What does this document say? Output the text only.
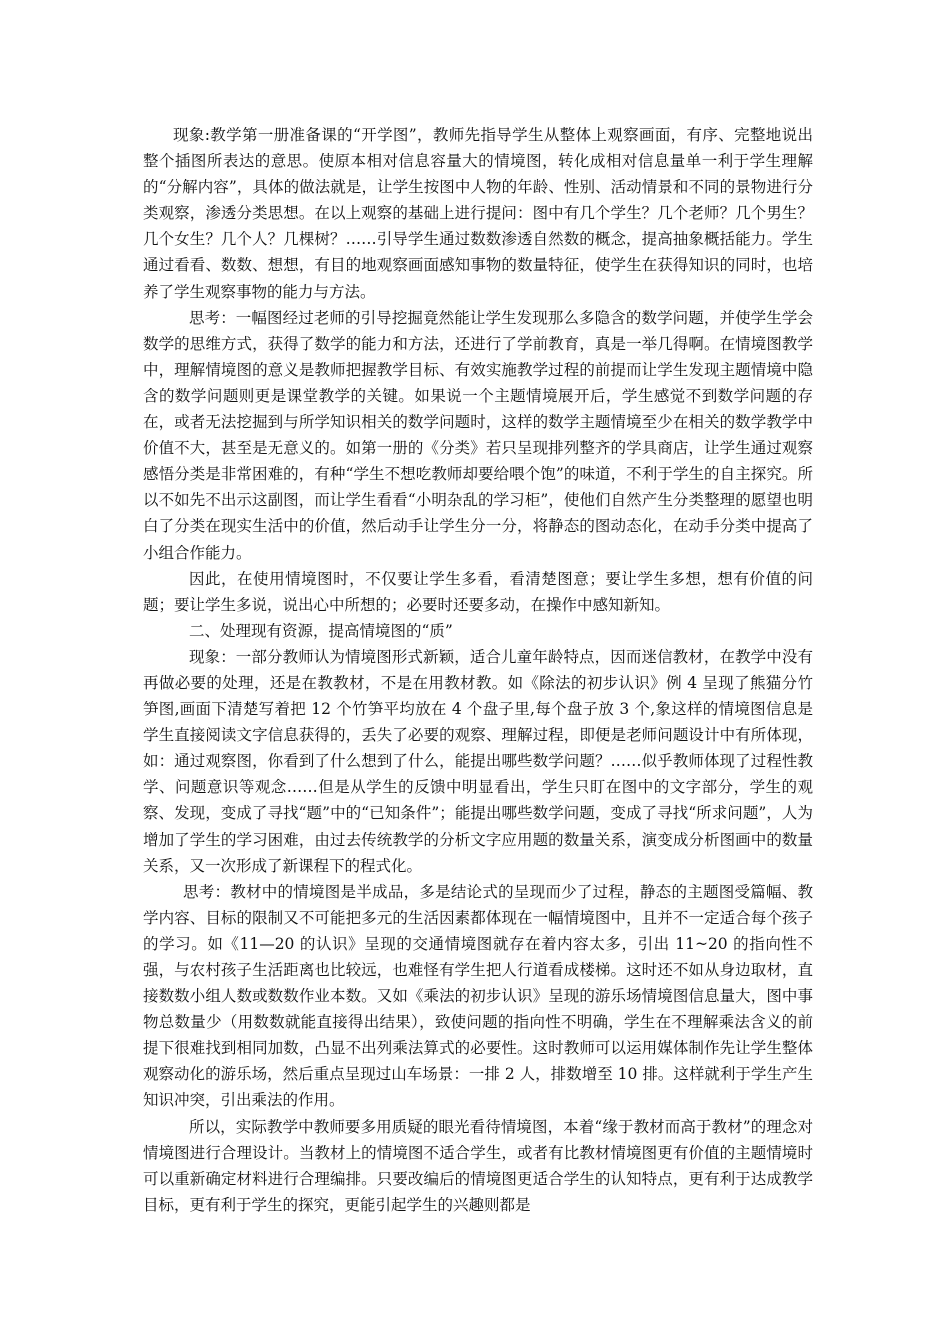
现象:教学第一册准备课的“开学图”，教师先指导学生从整体上观察画面，有序、完整地说出整个插图所表达的意思。使原本相对信息容量大的情境图，转化成相对信息量单一利于学生理解的“分解内容”，具体的做法就是，让学生按图中人物的年龄、性别、活动情景和不同的景物进行分类观察，渗透分类思想。在以上观察的基础上进行提问：图中有几个学生？几个老师？几个男生？几个女生？几个人？几棵树？……引导学生通过数数渗透自然数的概念，提高抽象概括能力。学生通过看看、数数、想想，有目的地观察画面感知事物的数量特征，使学生在获得知识的同时，也培养了学生观察事物的能力与方法。

思考：一幅图经过老师的引导挖掘竟然能让学生发现那么多隐含的数学问题，并使学生学会数学的思维方式，获得了数学的能力和方法，还进行了学前教育，真是一举几得啊。在情境图教学中，理解情境图的意义是教师把握教学目标、有效实施教学过程的前提而让学生发现主题情境中隐含的数学问题则更是课堂教学的关键。如果说一个主题情境展开后，学生感觉不到数学问题的存在，或者无法挖掘到与所学知识相关的数学问题时，这样的数学主题情境至少在相关的数学教学中价值不大，甚至是无意义的。如第一册的《分类》若只呈现排列整齐的学具商店，让学生通过观察感悟分类是非常困难的，有种“学生不想吃教师却要给喂个饱”的味道，不利于学生的自主探究。所以不如先不出示这副图，而让学生看看“小明杂乱的学习柜”，使他们自然产生分类整理的愿望也明白了分类在现实生活中的价值，然后动手让学生分一分，将静态的图动态化，在动手分类中提高了小组合作能力。

因此，在使用情境图时，不仅要让学生多看，看清楚图意；要让学生多想，想有价值的问题；要让学生多说，说出心中所想的；必要时还要多动，在操作中感知新知。

二、处理现有资源，提高情境图的“质”

现象：一部分教师认为情境图形式新颖，适合儿童年龄特点，因而迷信教材，在教学中没有再做必要的处理，还是在教教材，不是在用教材教。如《除法的初步认识》例 4 呈现了熊猫分竹笋图,画面下清楚写着把 12 个竹笋平均放在 4 个盘子里,每个盘子放 3 个,象这样的情境图信息是学生直接阅读文字信息获得的，丢失了必要的观察、理解过程，即便是老师问题设计中有所体现，如：通过观察图，你看到了什么想到了什么，能提出哪些数学问题？……似乎教师体现了过程性教学、问题意识等观念……但是从学生的反馈中明显看出，学生只盯在图中的文字部分，学生的观察、发现，变成了寻找“题”中的“已知条件”；能提出哪些数学问题，变成了寻找“所求问题”，人为增加了学生的学习困难，由过去传统教学的分析文字应用题的数量关系，演变成分析图画中的数量关系，又一次形成了新课程下的程式化。

思考：教材中的情境图是半成品，多是结论式的呈现而少了过程，静态的主题图受篇幅、教学内容、目标的限制又不可能把多元的生活因素都体现在一幅情境图中，且并不一定适合每个孩子的学习。如《11—20 的认识》呈现的交通情境图就存在着内容太多，引出 11~20 的指向性不强，与农村孩子生活距离也比较远，也难怪有学生把人行道看成楼梯。这时还不如从身边取材，直接数数小组人数或数数作业本数。又如《乘法的初步认识》呈现的游乐场情境图信息量大，图中事物总数量少（用数数就能直接得出结果），致使问题的指向性不明确，学生在不理解乘法含义的前提下很难找到相同加数，凸显不出列乘法算式的必要性。这时教师可以运用媒体制作先让学生整体观察动化的游乐场，然后重点呈现过山车场景：一排 2 人，排数增至 10 排。这样就利于学生产生知识冲突，引出乘法的作用。

所以，实际教学中教师要多用质疑的眼光看待情境图，本着“缘于教材而高于教材”的理念对情境图进行合理设计。当教材上的情境图不适合学生，或者有比教材情境图更有价值的主题情境时可以重新确定材料进行合理编排。只要改编后的情境图更适合学生的认知特点，更有利于达成教学目标，更有利于学生的探究，更能引起学生的兴趣则都是
